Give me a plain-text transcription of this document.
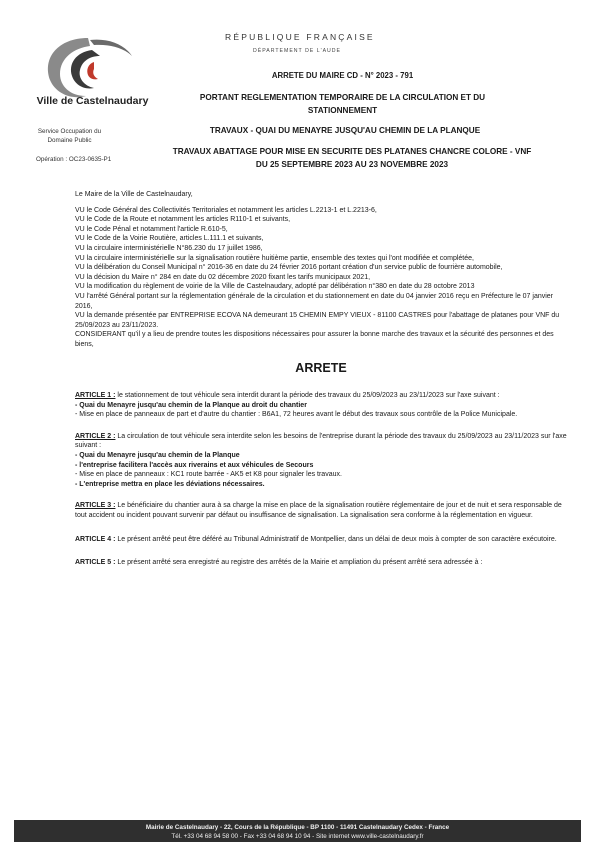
Ville de Castelnaudary
Service Occupation du Domaine Public
Opération : OC23-0635-P1
RÉPUBLIQUE FRANÇAISE
DÉPARTEMENT DE L'AUDE
ARRETE DU MAIRE CD - N° 2023 - 791
PORTANT REGLEMENTATION TEMPORAIRE DE LA CIRCULATION ET DU STATIONNEMENT
TRAVAUX - QUAI DU MENAYRE JUSQU'AU CHEMIN DE LA PLANQUE
TRAVAUX ABATTAGE POUR MISE EN SECURITE DES PLATANES CHANCRE COLORE - VNF
DU 25 SEPTEMBRE 2023 AU 23 NOVEMBRE 2023

Le Maire de la Ville de Castelnaudary,

VU le Code Général des Collectivités Territoriales et notamment les articles L.2213-1 et L.2213-6,

VU le Code de la Route et notamment les articles R110-1 et suivants,

VU le Code Pénal et notamment l'article R.610-5,

VU le Code de la Voirie Routière, articles L.111.1 et suivants,

VU la circulaire interministérielle N°86.230 du 17 juillet 1986,

VU la circulaire interministérielle sur la signalisation routière huitième partie, ensemble des textes qui l'ont modifiée et complétée,

VU la délibération du Conseil Municipal n° 2016-36 en date du 24 février 2016 portant création d'un service public de fourrière automobile,

VU la décision du Maire n° 284 en date du 02 décembre 2020 fixant les tarifs municipaux 2021,

VU la modification du règlement de voirie de la Ville de Castelnaudary, adopté par délibération n°380 en date du 28 octobre 2013

VU l'arrêté Général portant sur la réglementation générale de la circulation et du stationnement en date du 04 janvier 2016 reçu en Préfecture le 07 janvier 2016,

VU la demande présentée par ENTREPRISE ECOVA NA demeurant 15 CHEMIN EMPY VIEUX - 81100 CASTRES pour l'abattage de platanes pour VNF du 25/09/2023 au 23/11/2023.

CONSIDERANT qu'il y a lieu de prendre toutes les dispositions nécessaires pour assurer la bonne marche des travaux et la sécurité des personnes et des biens,

ARRETE

ARTICLE 1 : le stationnement de tout véhicule sera interdit durant la période des travaux du 25/09/2023 au 23/11/2023 sur l'axe suivant :

- Quai du Menayre jusqu'au chemin de la Planque au droit du chantier

- Mise en place de panneaux de part et d'autre du chantier : B6A1, 72 heures avant le début des travaux sous contrôle de la Police Municipale.

ARTICLE 2 : La circulation de tout véhicule sera interdite selon les besoins de l'entreprise durant la période des travaux du 25/09/2023 au 23/11/2023 sur l'axe suivant :

- Quai du Menayre jusqu'au chemin de la Planque

- l'entreprise facilitera l'accès aux riverains et aux véhicules de Secours

- Mise en place de panneaux : KC1 route barrée - AK5 et K8 pour signaler les travaux.

- L'entreprise mettra en place les déviations nécessaires.

ARTICLE 3 : Le bénéficiaire du chantier aura à sa charge la mise en place de la signalisation routière réglementaire de jour et de nuit et sera responsable de tout accident ou incident pouvant survenir par défaut ou insuffisance de signalisation. La signalisation sera conforme à la réglementation en vigueur.

ARTICLE 4 : Le présent arrêté peut être déféré au Tribunal Administratif de Montpellier, dans un délai de deux mois à compter de son caractère exécutoire.

ARTICLE 5 : Le présent arrêté sera enregistré au registre des arrêtés de la Mairie et ampliation du présent arrêté sera adressée à :

Mairie de Castelnaudary - 22, Cours de la République - BP 1100 - 11491 Castelnaudary Cedex - France
Tél. +33 04 68 94 58 00 - Fax +33 04 68 94 10 94 - Site internet www.ville-castelnaudary.fr
